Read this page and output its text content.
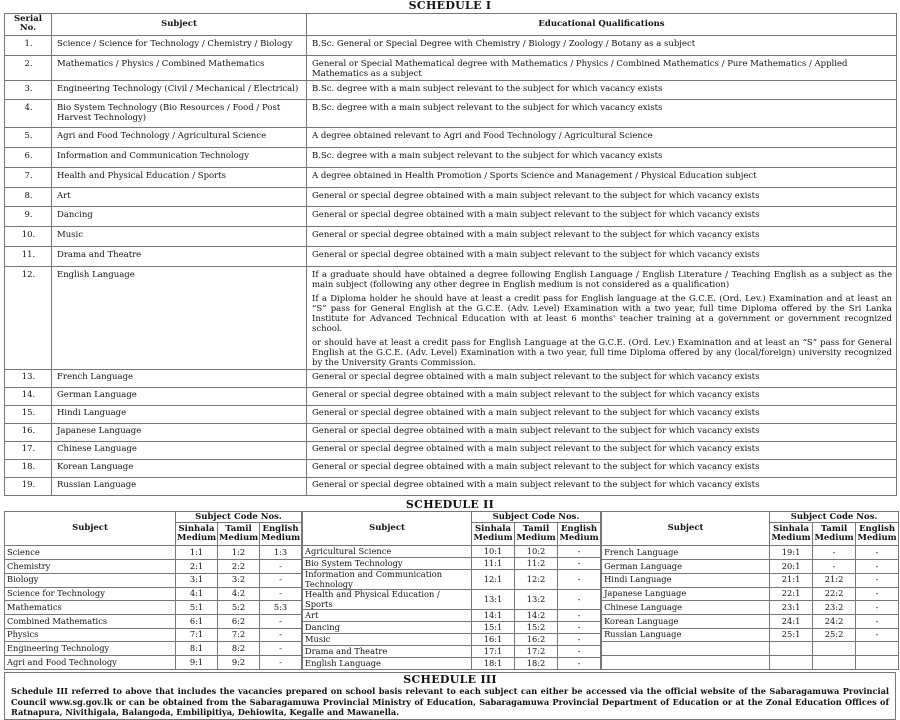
SCHEDULE I
Serial No.	Subject	Educational Qualifications
1.	Science / Science for Technology / Chemistry / Biology	B.Sc. General or Special Degree with Chemistry / Biology / Zoology / Botany as a subject
2.	Mathematics / Physics / Combined Mathematics	General or Special Mathematical degree with Mathematics / Physics / Combined Mathematics / Pure Mathematics / Applied Mathematics as a subject
3.	Engineering Technology (Civil / Mechanical / Electrical)	B.Sc. degree with a main subject relevant to the subject for which vacancy exists
4.	Bio System Technology (Bio Resources / Food / Post Harvest Technology)	B.Sc. degree with a main subject relevant to the subject for which vacancy exists
5.	Agri and Food Technology / Agricultural Science	A degree obtained relevant to Agri and Food Technology / Agricultural Science
6.	Information and Communication Technology	B.Sc. degree with a main subject relevant to the subject for which vacancy exists
7.	Health and Physical Education / Sports	A degree obtained in Health Promotion / Sports Science and Management / Physical Education subject
8.	Art	General or special degree obtained with a main subject relevant to the subject for which vacancy exists
9.	Dancing	General or special degree obtained with a main subject relevant to the subject for which vacancy exists
10.	Music	General or special degree obtained with a main subject relevant to the subject for which vacancy exists
11.	Drama and Theatre	General or special degree obtained with a main subject relevant to the subject for which vacancy exists
12.	English Language	If a graduate should have obtained a degree following English Language / English Literature / Teaching English as a subject as the main subject (following any other degree in English medium is not considered as a qualification)

If a Diploma holder he should have at least a credit pass for English language at the G.C.E. (Ord. Lev.) Examination and at least an “S” pass for General English at the G.C.E. (Adv. Level) Examination with a two year, full time Diploma offered by the Sri Lanka Institute for Advanced Technical Education with at least 6 months' teacher training at a government or government recognized school.

or should have at least a credit pass for English Language at the G.C.E. (Ord. Lev.) Examination and at least an “S” pass for General English at the G.C.E. (Adv. Level) Examination with a two year, full time Diploma offered by any (local/foreign) university recognized by the University Grants Commission.

13.	French Language	General or special degree obtained with a main subject relevant to the subject for which vacancy exists
14.	German Language	General or special degree obtained with a main subject relevant to the subject for which vacancy exists
15.	Hindi Language	General or special degree obtained with a main subject relevant to the subject for which vacancy exists
16.	Japanese Language	General or special degree obtained with a main subject relevant to the subject for which vacancy exists
17.	Chinese Language	General or special degree obtained with a main subject relevant to the subject for which vacancy exists
18.	Korean Language	General or special degree obtained with a main subject relevant to the subject for which vacancy exists
19.	Russian Language	General or special degree obtained with a main subject relevant to the subject for which vacancy exists
SCHEDULE II
Subject	Subject Code Nos.		
	Sinhala Medium	Tamil Medium	English Medium
Science	1:1	1:2	1:3
Chemistry	2:1	2:2	-
Biology	3:1	3:2	-
Science for Technology	4:1	4:2	-
Mathematics	5:1	5:2	5:3
Combined Mathematics	6:1	6:2	-
Physics	7:1	7:2	-
Engineering Technology	8:1	8:2	-
Agri and Food Technology	9:1	9:2	-
Subject	Subject Code Nos.		
	Sinhala Medium	Tamil Medium	English Medium
Agricultural Science	10:1	10:2	-
Bio System Technology	11:1	11:2	-
Information and Communication Technology	12:1	12:2	-
Health and Physical Education / Sports	13:1	13:2	-
Art	14:1	14:2	-
Dancing	15:1	15:2	-
Music	16:1	16:2	-
Drama and Theatre	17:1	17:2	-
English Language	18:1	18:2	-
Subject	Subject Code Nos.		
	Sinhala Medium	Tamil Medium	English Medium
French Language	19:1	-	-
German Language	20:1	-	-
Hindi Language	21:1	21:2	-
Japanese Language	22:1	22:2	-
Chinese Language	23:1	23:2	-
Korean Language	24:1	24:2	-
Russian Language	25:1	25:2	-

SCHEDULE III

Schedule III referred to above that includes the vacancies prepared on school basis relevant to each subject can either be accessed via the official website of the Sabaragamuwa Provincial Council www.sg.gov.lk or can be obtained from the Sabaragamuwa Provincial Ministry of Education, Sabaragamuwa Provincial Department of Education or at the Zonal Education Offices of Ratnapura, Nivithigala, Balangoda, Embilipitiya, Dehiowita, Kegalle and Mawanella.
